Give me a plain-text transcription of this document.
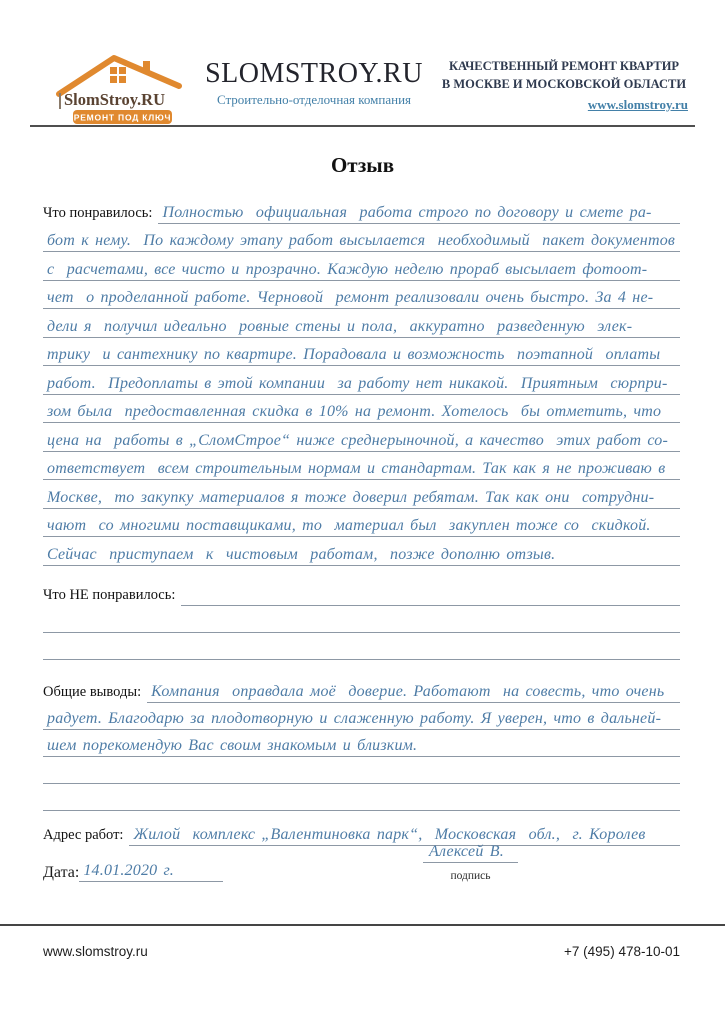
SlomStroy.RU
РЕМОНТ ПОД КЛЮЧ
SLOMSTROY.RU
Строительно-отделочная компания
КАЧЕСТВЕННЫЙ РЕМОНТ КВАРТИР
В МОСКВЕ И МОСКОВСКОЙ ОБЛАСТИ
www.slomstroy.ru
Отзыв
Что понравилось: Полностью  официальная  работа строго по договору и смете ра-
бот к нему.  По каждому этапу работ высылается  необходимый  пакет документов
с  расчетами, все чисто и прозрачно. Каждую неделю прораб высылает фотоот-
чет  о проделанной работе. Черновой  ремонт реализовали очень быстро. За 4 не-
дели я  получил идеально  ровные стены и пола,  аккуратно  разведенную  элек-
трику  и сантехнику по квартире. Порадовала и возможность  поэтапной  оплаты
работ.  Предоплаты в этой компании  за работу нет никакой.  Приятным  сюрпри-
зом была  предоставленная скидка в 10% на ремонт. Хотелось  бы отметить, что
цена на  работы в „СломСтрое“ ниже среднерыночной, а качество  этих работ со-
ответствует  всем строительным нормам и стандартам. Так как я не проживаю в
Москве,  то закупку материалов я тоже доверил ребятам. Так как они  сотрудни-
чают  со многими поставщиками, то  материал был  закуплен тоже со  скидкой.
Сейчас  приступаем  к  чистовым  работам,  позже дополню отзыв.
Что НЕ понравилось:
Общие выводы: Компания  оправдала моё  доверие. Работают  на совесть, что очень
радует. Благодарю за плодотворную и слаженную работу. Я уверен, что в дальней-
шем порекомендую Вас своим знакомым и близким.
Адрес работ: Жилой  комплекс „Валентиновка парк“,  Московская  обл.,  г. Королев
Дата: 14.01.2020 г.
Алексей В.
подпись
www.slomstroy.ru	+7 (495) 478-10-01
